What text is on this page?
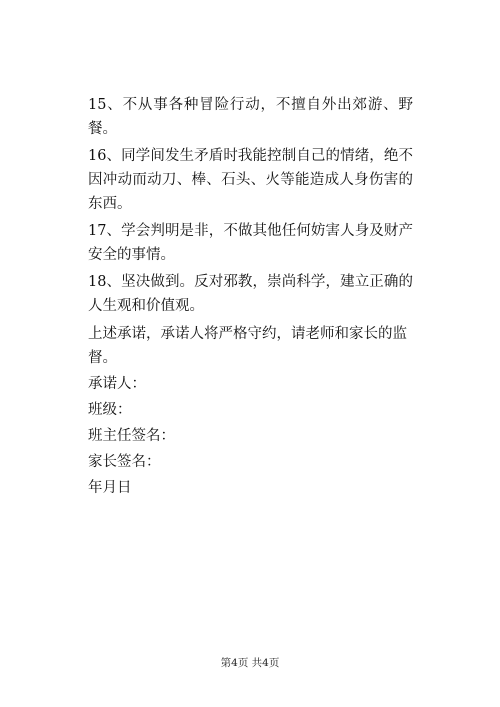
15、不从事各种冒险行动，不擅自外出郊游、野餐。

16、同学间发生矛盾时我能控制自己的情绪，绝不因冲动而动刀、棒、石头、火等能造成人身伤害的东西。

17、学会判明是非，不做其他任何妨害人身及财产安全的事情。

18、坚决做到。反对邪教，崇尚科学，建立正确的人生观和价值观。

上述承诺，承诺人将严格守约，请老师和家长的监督。

承诺人：

班级：

班主任签名：

家长签名：

年月日

第4页 共4页
